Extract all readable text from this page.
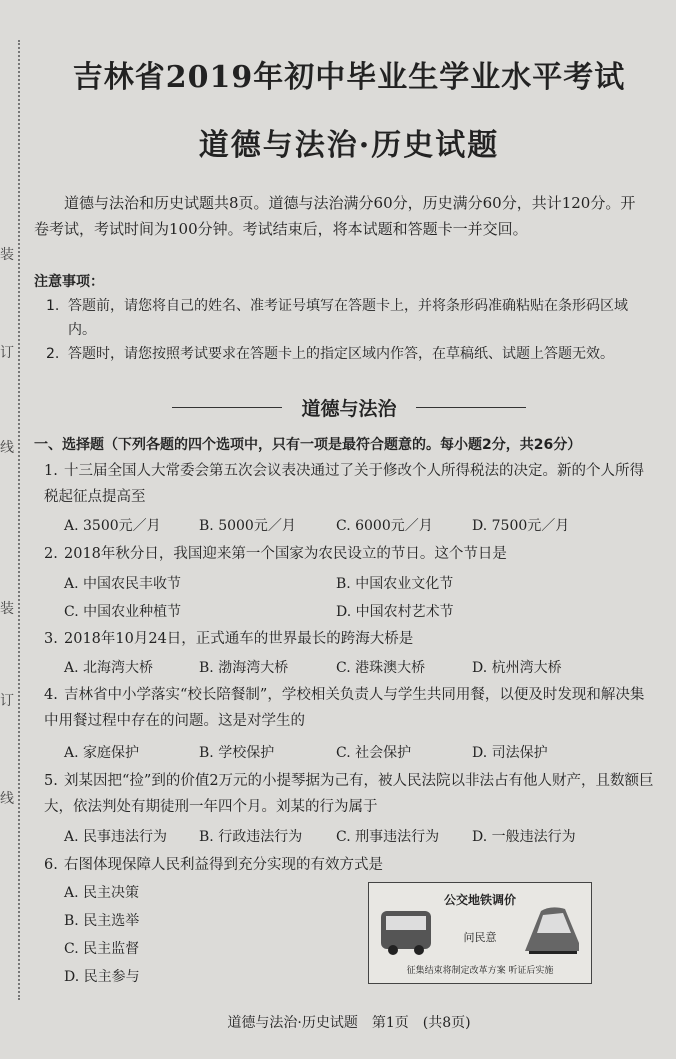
装
订
线
装
订
线
吉林省2019年初中毕业生学业水平考试
道德与法治·历史试题
道德与法治和历史试题共8页。道德与法治满分60分，历史满分60分，共计120分。开卷考试，考试时间为100分钟。考试结束后，将本试题和答题卡一并交回。
注意事项：
1. 答题前，请您将自己的姓名、准考证号填写在答题卡上，并将条形码准确粘贴在条形码区域内。
2. 答题时，请您按照考试要求在答题卡上的指定区域内作答，在草稿纸、试题上答题无效。
道德与法治
一、选择题（下列各题的四个选项中，只有一项是最符合题意的。每小题2分，共26分）
1. 十三届全国人大常委会第五次会议表决通过了关于修改个人所得税法的决定。新的个人所得税起征点提高至
A. 3500元／月	B. 5000元／月	C. 6000元／月	D. 7500元／月
2. 2018年秋分日，我国迎来第一个国家为农民设立的节日。这个节日是
A. 中国农民丰收节	B. 中国农业文化节
C. 中国农业种植节	D. 中国农村艺术节
3. 2018年10月24日，正式通车的世界最长的跨海大桥是
A. 北海湾大桥	B. 渤海湾大桥	C. 港珠澳大桥	D. 杭州湾大桥
4. 吉林省中小学落实“校长陪餐制”，学校相关负责人与学生共同用餐，以便及时发现和解决集中用餐过程中存在的问题。这是对学生的
A. 家庭保护	B. 学校保护	C. 社会保护	D. 司法保护
5. 刘某因把“捡”到的价值2万元的小提琴据为己有，被人民法院以非法占有他人财产，且数额巨大，依法判处有期徒刑一年四个月。刘某的行为属于
A. 民事违法行为 B. 行政违法行为 C. 刑事违法行为 D. 一般违法行为
6. 右图体现保障人民利益得到充分实现的有效方式是
A. 民主决策
B. 民主选举
C. 民主监督
D. 民主参与
公交地铁调价
问民意
征集结束将制定改革方案 听证后实施
道德与法治·历史试题　第1页　(共8页)
